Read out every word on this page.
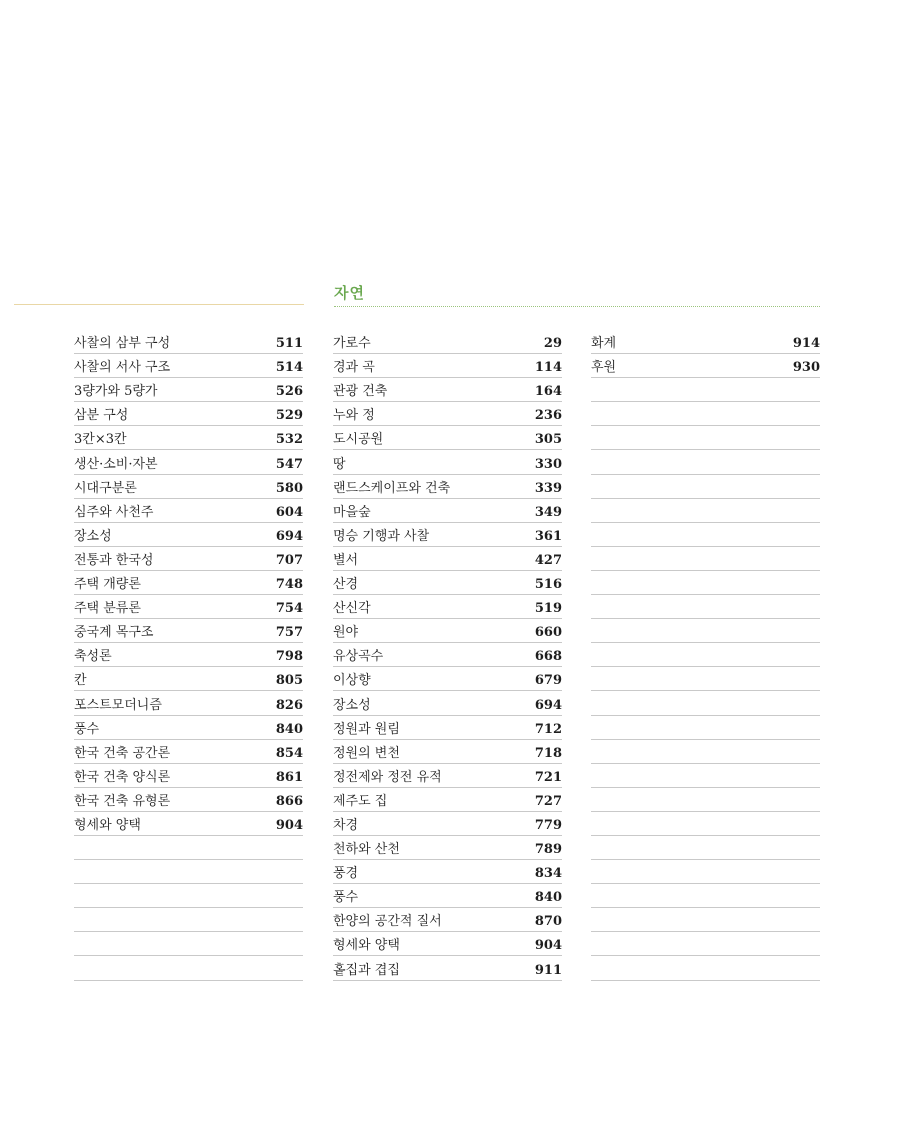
자연
사찰의 삼부 구성	511
사찰의 서사 구조	514
3량가와 5량가	526
삼분 구성	529
3칸×3칸	532
생산·소비·자본	547
시대구분론	580
심주와 사천주	604
장소성	694
전통과 한국성	707
주택 개량론	748
주택 분류론	754
중국계 목구조	757
축성론	798
칸	805
포스트모더니즘	826
풍수	840
한국 건축 공간론	854
한국 건축 양식론	861
한국 건축 유형론	866
형세와 양택	904
가로수	29
경과 곡	114
관광 건축	164
누와 정	236
도시공원	305
땅	330
랜드스케이프와 건축	339
마을숲	349
명승 기행과 사찰	361
별서	427
산경	516
산신각	519
원야	660
유상곡수	668
이상향	679
장소성	694
정원과 원림	712
정원의 변천	718
정전제와 정전 유적	721
제주도 집	727
차경	779
천하와 산천	789
풍경	834
풍수	840
한양의 공간적 질서	870
형세와 양택	904
홑집과 겹집	911
화계	914
후원	930
